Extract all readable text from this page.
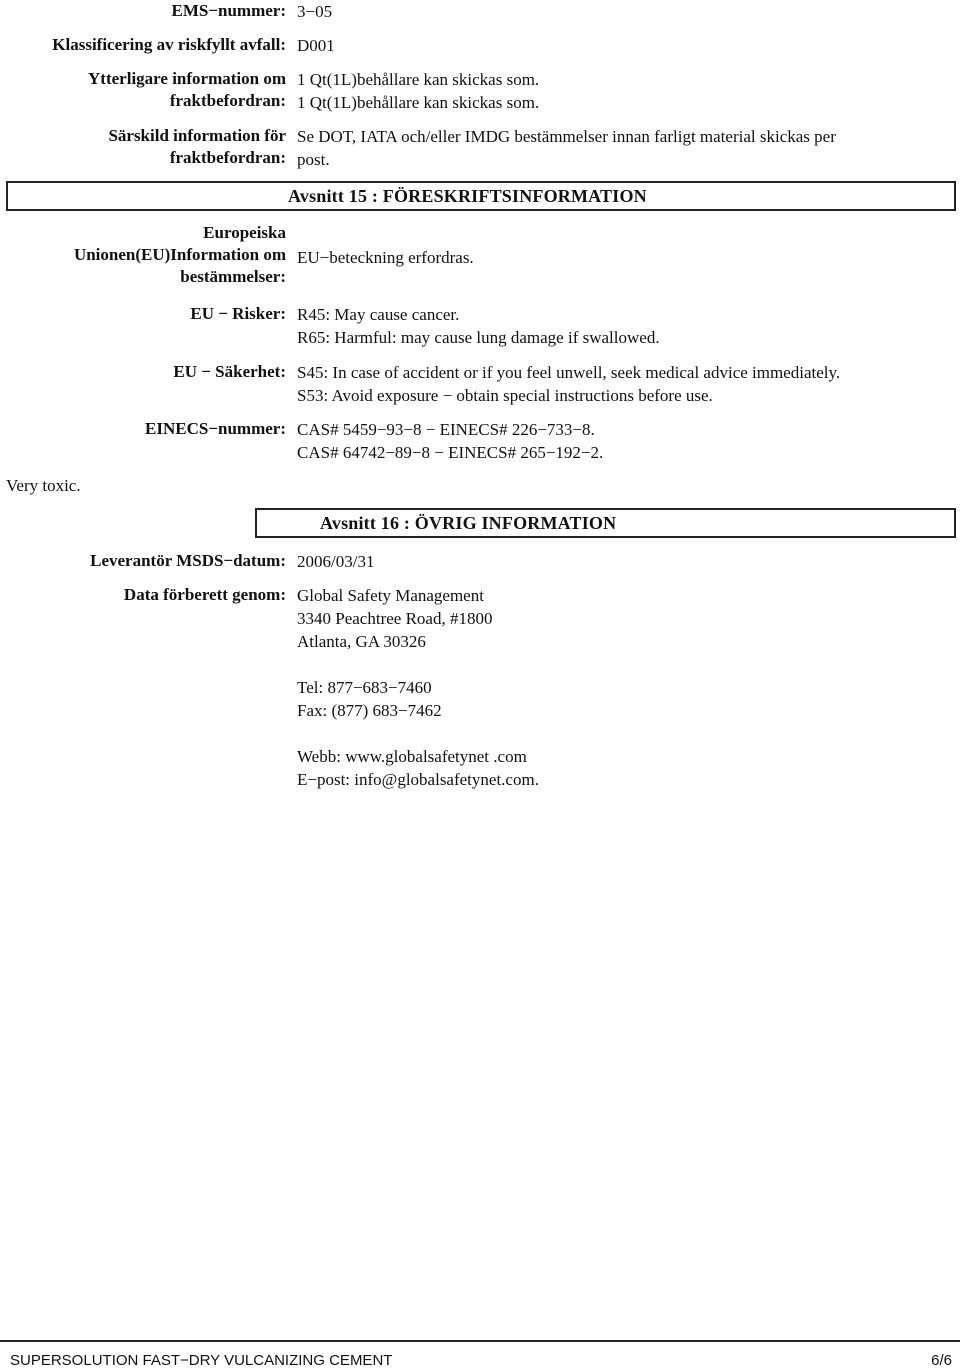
EMS−nummer: 3−05
Klassificering av riskfyllt avfall: D001
Ytterligare information om
fraktbefordran:
1 Qt(1L)behållare kan skickas som.
1 Qt(1L)behållare kan skickas som.
Särskild information för
fraktbefordran:
Se DOT, IATA och/eller IMDG bestämmelser innan farligt material skickas per
post.
Avsnitt 15 : FÖRESKRIFTSINFORMATION
Europeiska
Unionen(EU)Information om
bestämmelser:
EU−beteckning erfordras.
EU − Risker: R45: May cause cancer.
R65: Harmful: may cause lung damage if swallowed.
EU − Säkerhet: S45: In case of accident or if you feel unwell, seek medical advice immediately.
S53: Avoid exposure − obtain special instructions before use.
EINECS−nummer: CAS# 5459−93−8 − EINECS# 226−733−8.
CAS# 64742−89−8 − EINECS# 265−192−2.
Very toxic.
Avsnitt 16 : ÖVRIG INFORMATION
Leverantör MSDS−datum: 2006/03/31
Data förberett genom: Global Safety Management
3340 Peachtree Road, #1800
Atlanta, GA 30326
Tel: 877−683−7460
Fax: (877) 683−7462
Webb: www.globalsafetynet .com
E−post: info@globalsafetynet.com.
SUPERSOLUTION FAST−DRY VULCANIZING CEMENT	6/6
